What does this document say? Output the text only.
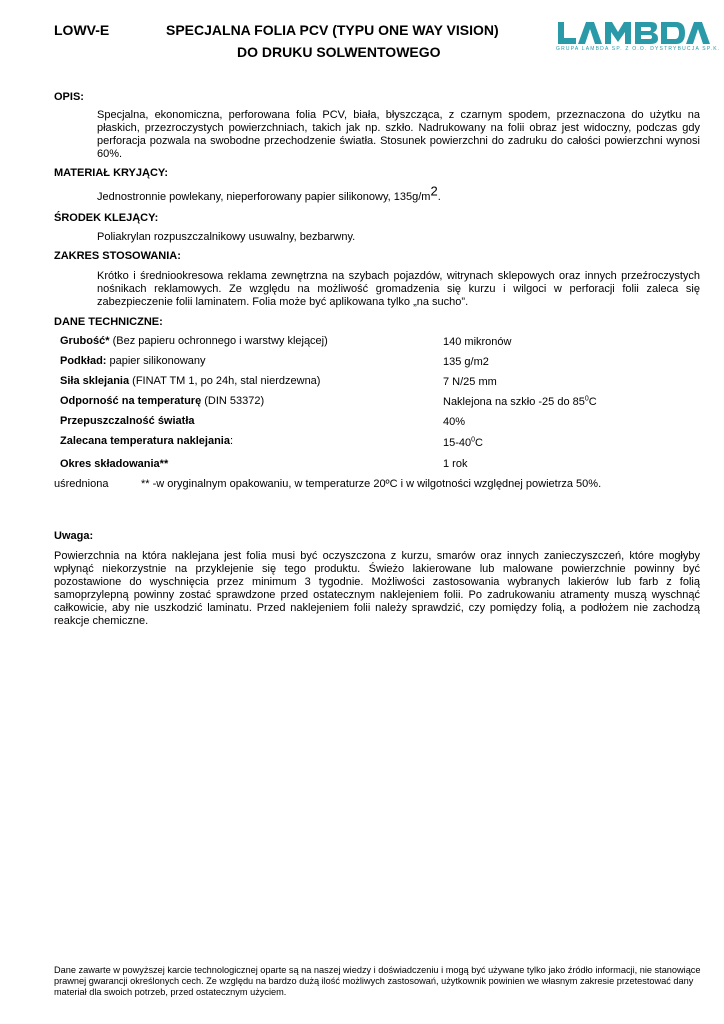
LOWV-E	SPECJALNA FOLIA PCV (TYPU ONE WAY VISION)
DO DRUKU SOLWENTOWEGO	GRUPA LAMBDA SP. Z O.O. DYSTRYBUCJA SP.K.
OPIS:
Specjalna, ekonomiczna, perforowana folia PCV, biała, błyszcząca, z czarnym spodem, przeznaczona do użytku na płaskich, przezroczystych powierzchniach, takich jak np. szkło. Nadrukowany na folii obraz jest widoczny, podczas gdy perforacja pozwala na swobodne przechodzenie światła. Stosunek powierzchni do zadruku do całości powierzchni wynosi 60%.
MATERIAŁ KRYJĄCY:
Jednostronnie powlekany, nieperforowany papier silikonowy, 135g/m2.
ŚRODEK KLEJĄCY:
Poliakrylan rozpuszczalnikowy usuwalny, bezbarwny.
ZAKRES STOSOWANIA:
Krótko i średniookresowa reklama zewnętrzna na szybach pojazdów, witrynach sklepowych oraz innych przeźroczystych nośnikach reklamowych. Ze względu na możliwość gromadzenia się kurzu i wilgoci w perforacji folii zaleca się zabezpieczenie folii laminatem. Folia może być aplikowana tylko „na sucho”.
DANE TECHNICZNE:
Grubość* (Bez papieru ochronnego i warstwy klejącej)	140 mikronów
Podkład: papier silikonowany	135 g/m2
Siła sklejania (FINAT TM 1, po 24h, stal nierdzewna)	7 N/25 mm
Odporność na temperaturę (DIN 53372)	Naklejona na szkło -25 do $85^0C$
Przepuszczalność światła	40%
Zalecana temperatura naklejania:	$15-40^0C$
Okres składowania**	1 rok
uśredniona	** -w oryginalnym opakowaniu, w temperaturze 20ºC i w wilgotności względnej powietrza 50%.
Uwaga:
Powierzchnia na która naklejana jest folia musi być oczyszczona z kurzu, smarów oraz innych zanieczyszczeń, które mogłyby wpłynąć niekorzystnie na przyklejenie się tego produktu. Świeżo lakierowane lub malowane powierzchnie powinny być pozostawione do wyschnięcia przez minimum 3 tygodnie. Możliwości zastosowania wybranych lakierów lub farb z folią samoprzylepną powinny zostać sprawdzone przed ostatecznym naklejeniem folii. Po zadrukowaniu atramenty muszą wyschnąć całkowicie, aby nie uszkodzić laminatu. Przed naklejeniem folii należy sprawdzić, czy pomiędzy folią, a podłożem nie zachodzą reakcje chemiczne.
Dane zawarte w powyższej karcie technologicznej oparte są na naszej wiedzy i doświadczeniu i mogą być używane tylko jako źródło informacji, nie stanowiące prawnej gwarancji określonych cech. Ze względu na bardzo dużą ilość możliwych zastosowań, użytkownik powinien we własnym zakresie przetestować dany materiał dla swoich potrzeb, przed ostatecznym użyciem.
